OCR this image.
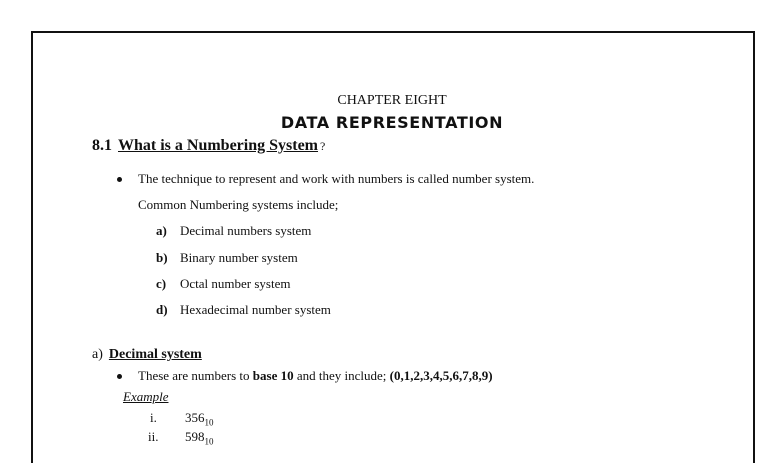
CHAPTER EIGHT
DATA REPRESENTATION
8.1 What is a Numbering System ?
The technique to represent and work with numbers is called number system.
Common Numbering systems include;
a) Decimal numbers system
b) Binary number system
c) Octal number system
d) Hexadecimal number system
a) Decimal system
These are numbers to base 10 and they include; (0,1,2,3,4,5,6,7,8,9)
Example
i. $356_{10}$
ii. $598_{10}$
